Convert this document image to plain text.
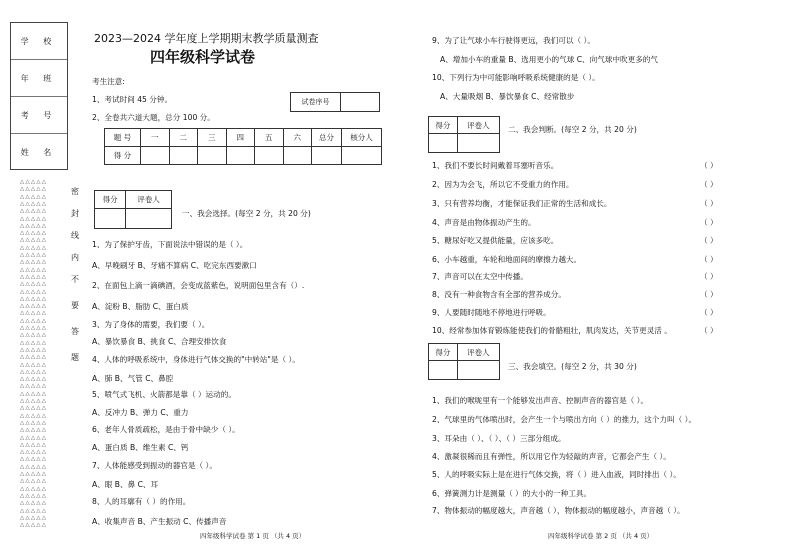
学 校
年 班
考 号
姓 名
△△△△△
△△△△△
△△△△△
△△△△△
△△△△△
△△△△△
△△△△△
△△△△△
△△△△△
△△△△△
△△△△△
△△△△△
△△△△△
△△△△△
△△△△△
△△△△△
△△△△△
△△△△△
△△△△△
△△△△△
△△△△△
△△△△△
△△△△△
△△△△△
△△△△△
△△△△△
△△△△△
△△△△△
△△△△△
△△△△△
△△△△△
△△△△△
△△△△△
△△△△△
△△△△△
△△△△△
△△△△△
△△△△△
△△△△△
△△△△△
△△△△△
△△△△△
△△△△△
△△△△△
△△△△△
△△△△△
△△△△△
△△△△△
密
封
线
内
不
要
答
题
2023—2024 学年度上学期期末教学质量测查
四年级科学试卷
考生注意:
1、考试时间 45 分钟。
2、全卷共六道大题，总分 100 分。
试卷序号	
题 号	一	二	三	四	五	六	总分	核分人
得 分								
得分	评卷人

一、我会选择。(每空 2 分，共 20 分)
1、为了保护牙齿，下面说法中错误的是（ ）。
A、早晚刷牙 B、牙痛不算病 C、吃完东西要漱口
2、在面包上滴一滴碘酒，会变成蓝紫色，说明面包里含有（）.
A、淀粉 B、脂肪 C、蛋白质
3、为了身体的需要，我们要（ ）。
A、暴饮暴食 B、挑食 C、合理安排饮食
4、人体的呼吸系统中，身体进行气体交换的"中转站"是（ ）。
A、肺 B、气管 C、鼻腔
5、喷气式飞机、火箭都是靠（ ）运动的。
A、反冲力 B、弹力 C、重力
6、老年人骨质疏松，是由于骨中缺少（ ）。
A、蛋白质 B、维生素 C、钙
7、人体能感受到振动的器官是（ ）。
A、眼 B、鼻 C、耳
8、人的耳廓有（ ）的作用。
A、收集声音 B、产生振动 C、传播声音
9、为了让气球小车行驶得更远，我们可以（ ）。
A、增加小车的重量 B、选用更小的气球 C、向气球中吹更多的气
10、下列行为中可能影响呼吸系统健康的是（ ）。
A、大量吸烟 B、暴饮暴食 C、经常散步
得分	评卷人
	二、我会判断。(每空 2 分，共 20 分)
1、我们不要长时间戴着耳塞听音乐。	（ ）
2、因为为会飞，所以它不受重力的作用。	（ ）
3、只有营养均衡，才能保证我们正常的生活和成长。	（ ）
4、声音是由物体振动产生的。	（ ）
5、糖尿好吃又提供能量，应该多吃。	（ ）
6、小车越重，车轮和地面间的摩擦力越大。	（ ）
7、声音可以在太空中传播。	（ ）
8、没有一种食物含有全部的营养成分。	（ ）
9、人要随时随地不停地进行呼吸。	（ ）
10、经常参加体育锻炼能使我们的骨骼粗壮，肌肉发达，关节更灵活 。	（ ）
得分	评卷人

三、我会填空。(每空 2 分，共 30 分)
1、我们的喉咙里有一个能够发出声音、控制声音的器官是（ ）。
2、气球里的气体喷出时，会产生一个与喷出方向（ ）的推力，这个力叫（ ）。
3、耳朵由（ ）、（ ）、（ ）三部分组成。
4、激凝很稀而且有弹性，所以用它作为轻敲的声音，它都会产生（ ）。
5、人的呼吸实际上是在进行气体交换，将（ ）进入血液，同时排出（ ）。
6、弹簧测力计是测量（ ）的大小的一种工具。
7、物体振动的幅度越大，声音越（ ），物体振动的幅度越小，声音越（ ）。
四年级科学试卷 第 1 页 （共 4 页）	四年级科学试卷 第 2 页 （共 4 页）
